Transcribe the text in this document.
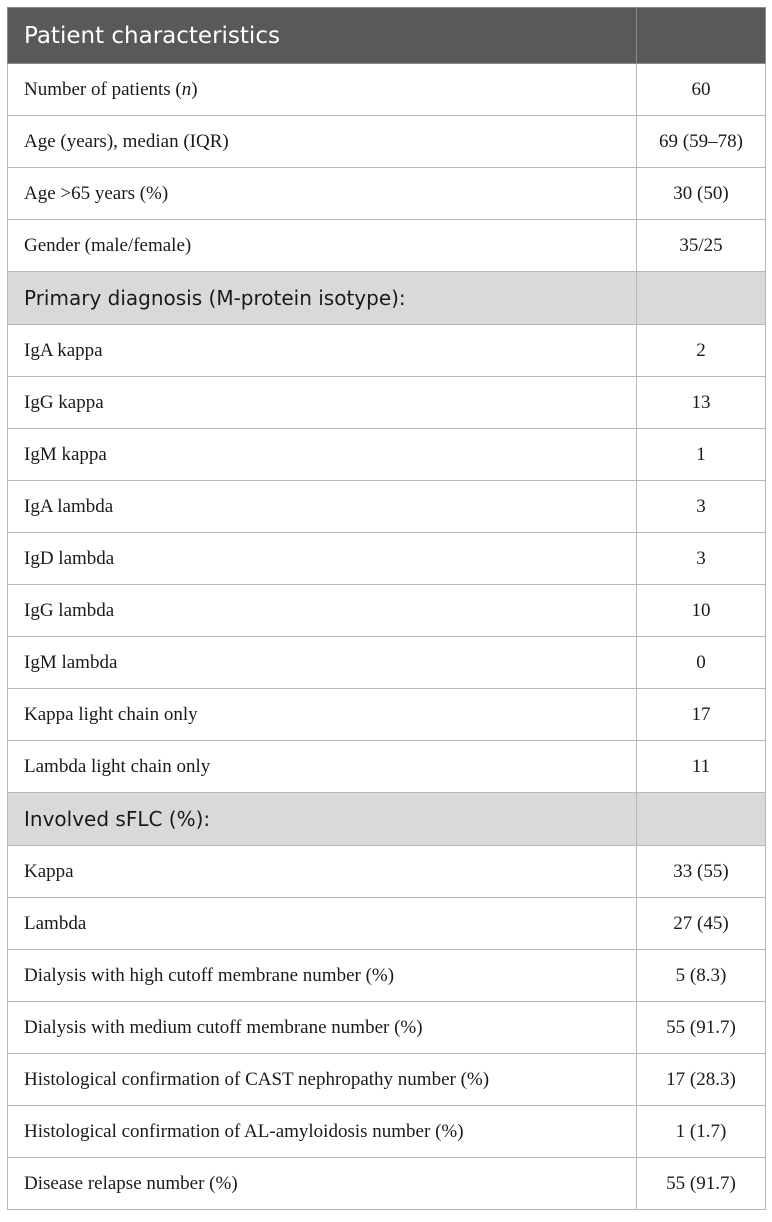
Patient characteristics	
Number of patients (n)	60
Age (years), median (IQR)	69 (59–78)
Age >65 years (%)	30 (50)
Gender (male/female)	35/25
Primary diagnosis (M-protein isotype):	
IgA kappa	2
IgG kappa	13
IgM kappa	1
IgA lambda	3
IgD lambda	3
IgG lambda	10
IgM lambda	0
Kappa light chain only	17
Lambda light chain only	11
Involved sFLC (%):	
Kappa	33 (55)
Lambda	27 (45)
Dialysis with high cutoff membrane number (%)	5 (8.3)
Dialysis with medium cutoff membrane number (%)	55 (91.7)
Histological confirmation of CAST nephropathy number (%)	17 (28.3)
Histological confirmation of AL-amyloidosis number (%)	1 (1.7)
Disease relapse number (%)	55 (91.7)
